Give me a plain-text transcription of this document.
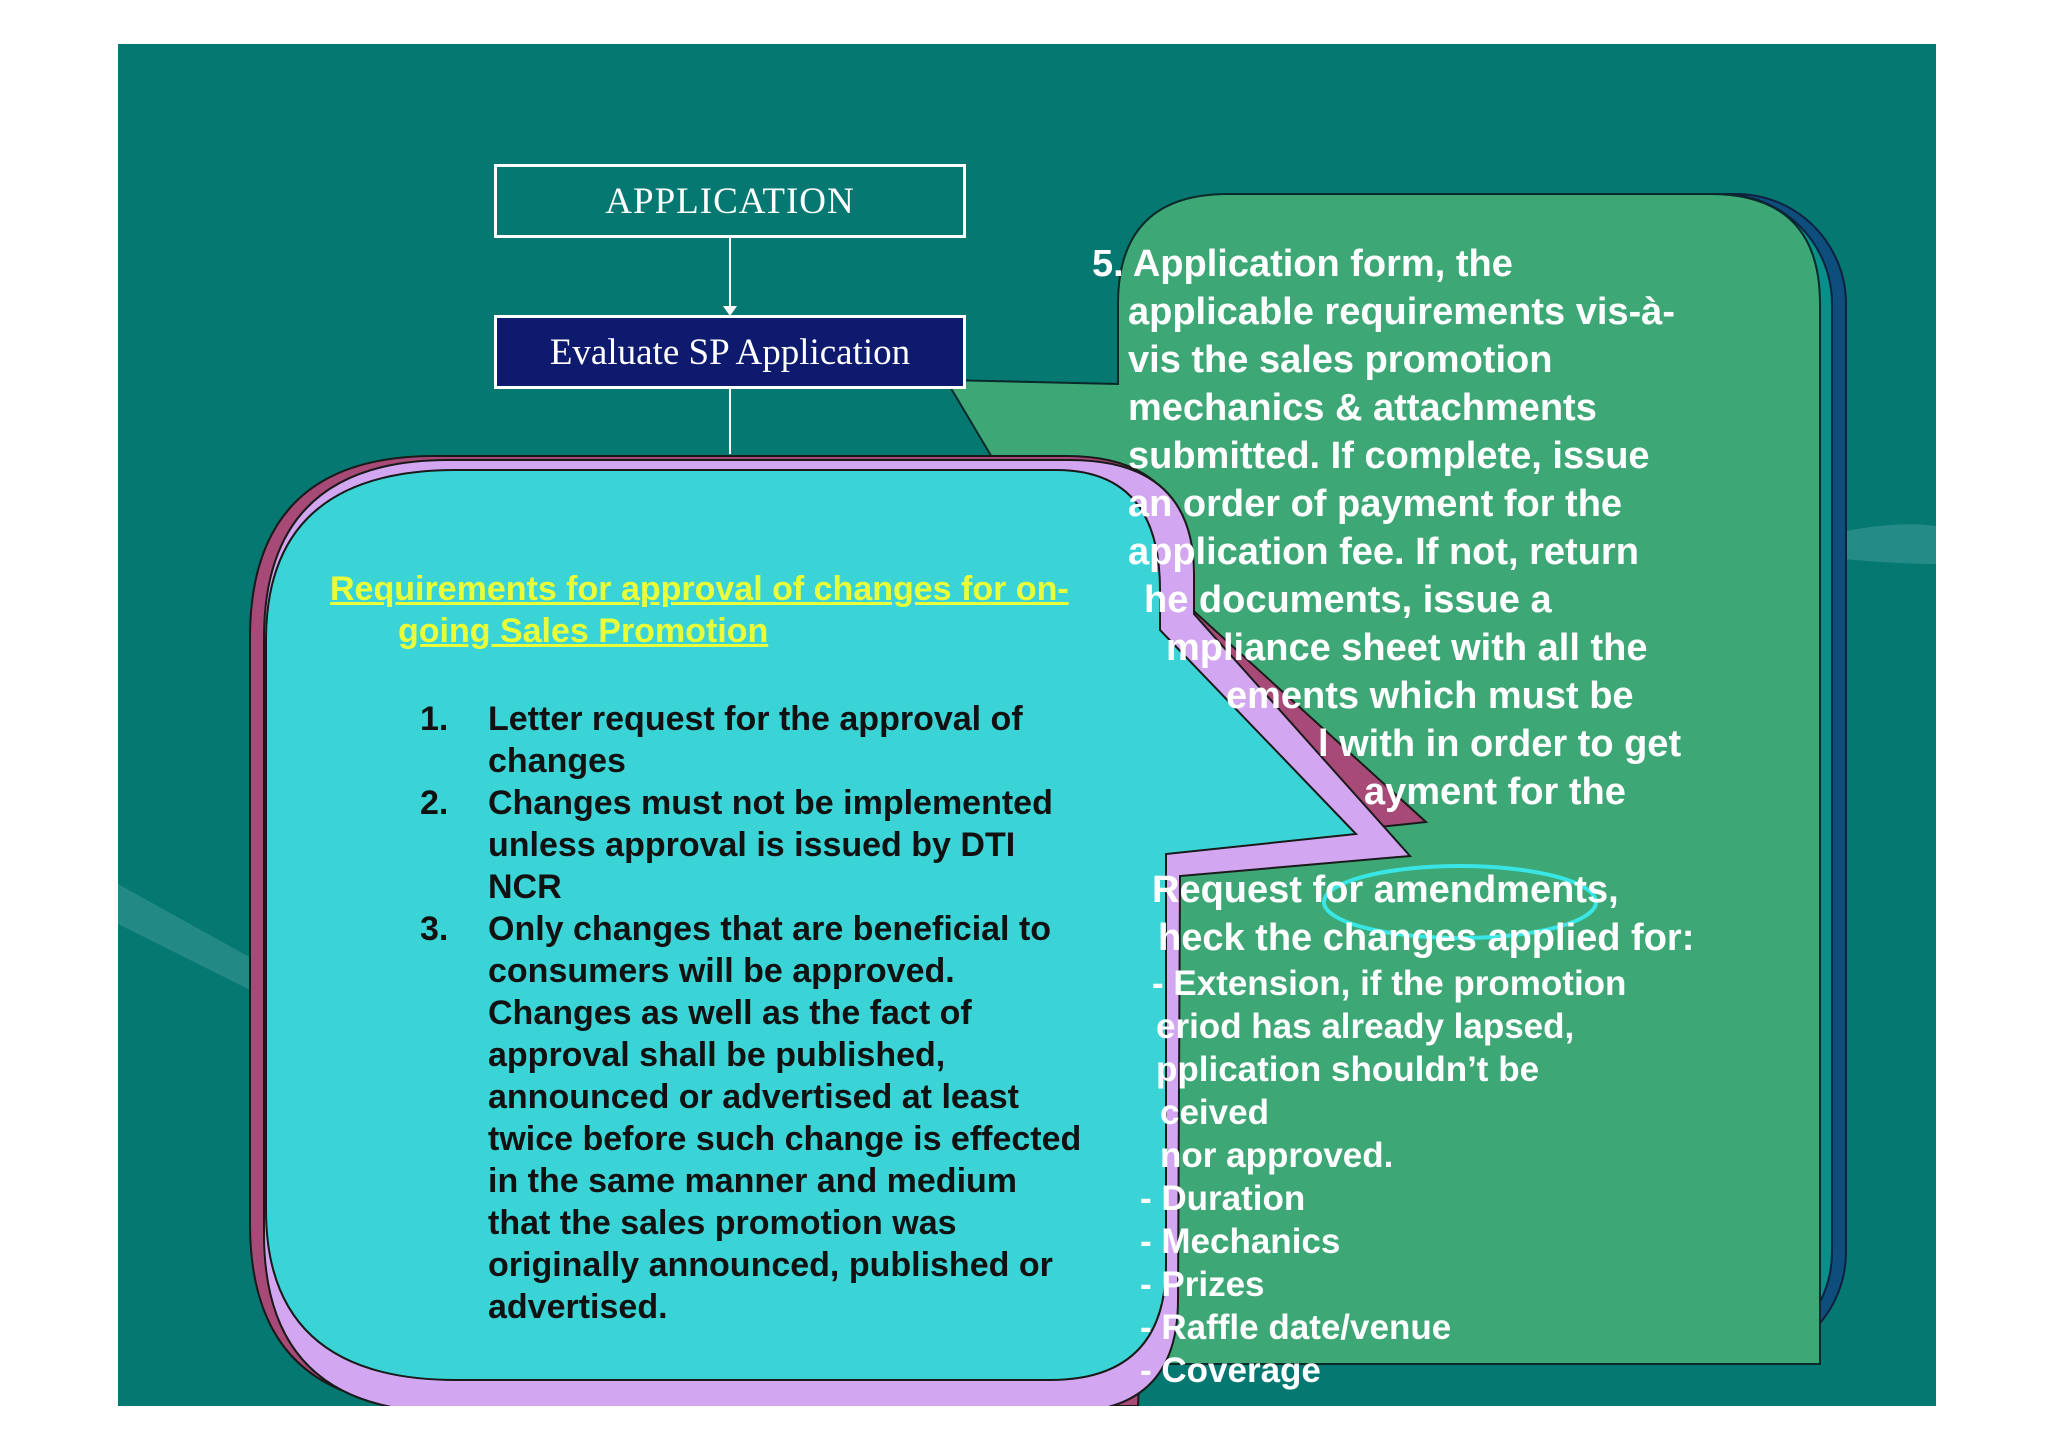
APPLICATION
Evaluate SP Application
5. Application form, the
applicable requirements vis-à-
vis the sales promotion
mechanics & attachments
submitted. If complete, issue
an order of payment for the
application fee. If not, return
he documents, issue a
mpliance sheet with all the
ements which must be
l with in order to get
ayment for the
Request for amendments,
heck the changes applied for:
- Extension, if the promotion
eriod has already lapsed,
pplication shouldn’t be
ceived
nor approved.
- Duration
- Mechanics
- Prizes
- Raffle date/venue
- Coverage
Requirements for approval of changes for on-
going Sales Promotion
1. Letter request for the approval of changes
2. Changes must not be implemented unless approval is issued by DTI NCR
3. Only changes that are beneficial to consumers will be approved. Changes as well as the fact of approval shall be published, announced or advertised at least twice before such change is effected in the same manner and medium that the sales promotion was originally announced, published or advertised.
